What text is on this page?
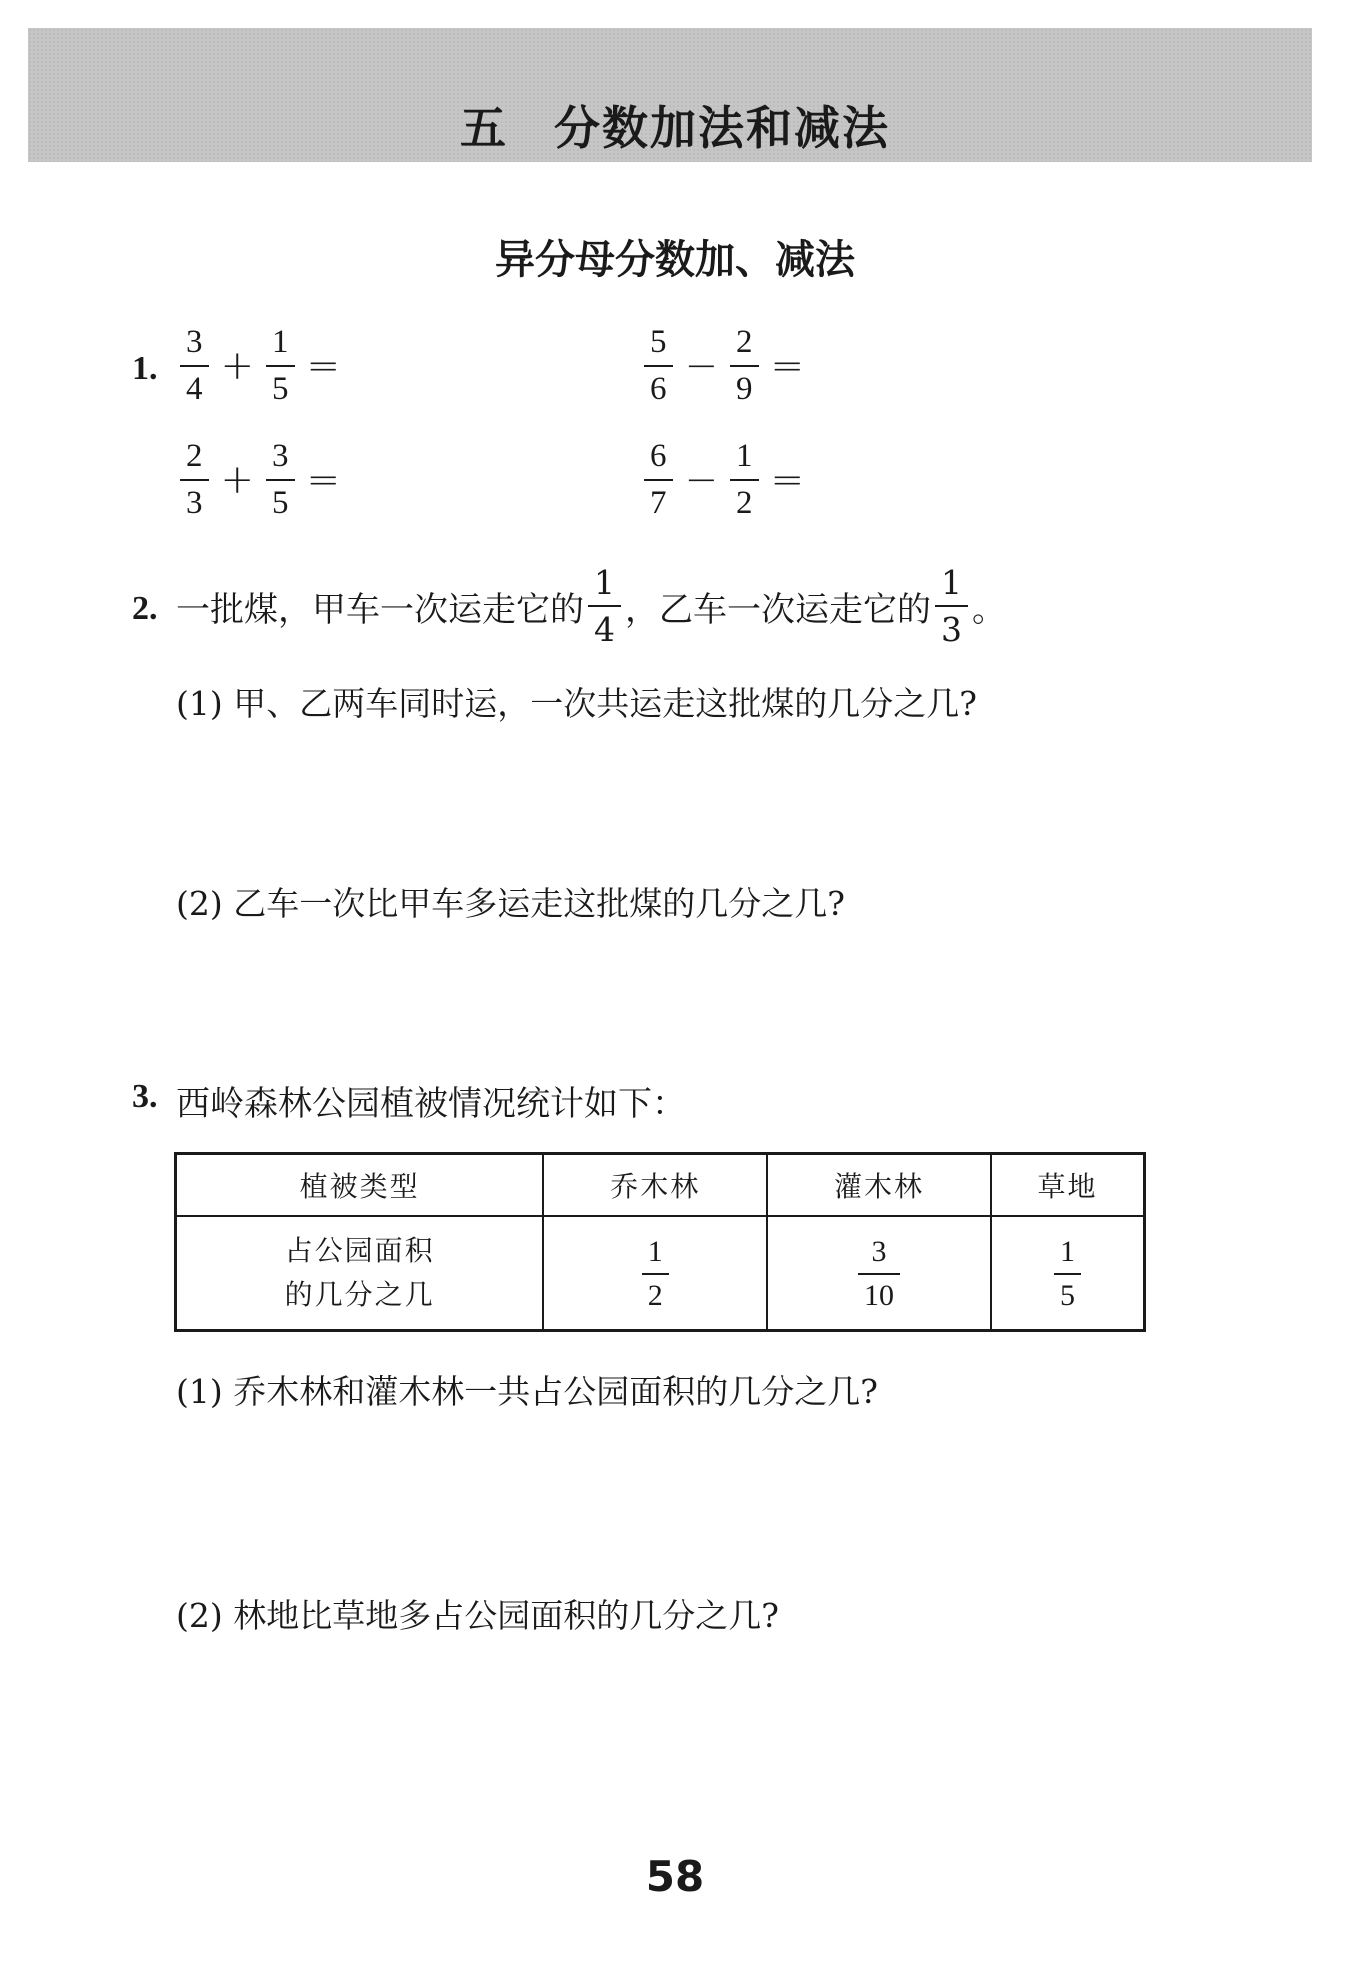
五 分数加法和减法
异分母分数加、减法
1. $\frac{3}{4} + \frac{1}{5}$ =	$\frac{5}{6} - \frac{2}{9}$ =
$\frac{2}{3} + \frac{3}{5}$ =	$\frac{6}{7} - \frac{1}{2}$ =
2. 一批煤，甲车一次运走它的 $\frac{1}{4}$ ，乙车一次运走它的 $\frac{1}{3}$ 。
(1) 甲、乙两车同时运，一次共运走这批煤的几分之几?
(2) 乙车一次比甲车多运走这批煤的几分之几?
3. 西岭森林公园植被情况统计如下：
植被类型	乔木林	灌木林	草地
占公园面积
的几分之几	$\frac{1}{2}$	$\frac{3}{10}$	$\frac{1}{5}$
(1) 乔木林和灌木林一共占公园面积的几分之几?
(2) 林地比草地多占公园面积的几分之几?
58
